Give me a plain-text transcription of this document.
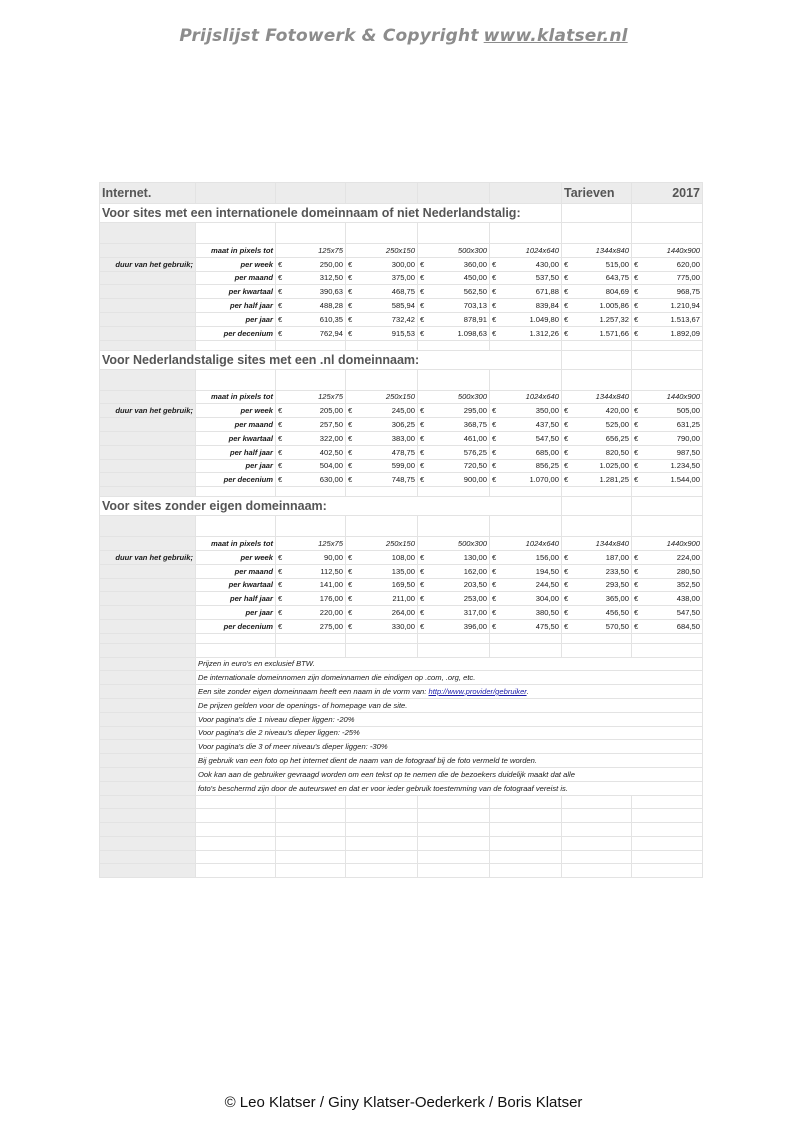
Prijslijst Fotowerk & Copyright www.klatser.nl
Internet.						Tarieven	2017
Voor sites met een internationele domeinnaam of niet Nederlandstalig:							

	maat in pixels tot	125x75	250x150	500x300	1024x640	1344x840	1440x900
duur van het gebruik;	per week	€ 250,00	€ 300,00	€ 360,00	€ 430,00	€ 515,00	€ 620,00

	per maand	€ 312,50	€ 375,00	€ 450,00	€ 537,50	€ 643,75	€ 775,00

	per kwartaal	€ 390,63	€ 468,75	€ 562,50	€ 671,88	€ 804,69	€ 968,75

	per half jaar	€ 488,28	€ 585,94	€ 703,13	€ 839,84	€ 1.005,86	€ 1.210,94

	per jaar	€ 610,35	€ 732,42	€ 878,91	€ 1.049,80	€ 1.257,32	€ 1.513,67

	per decenium	€ 762,94	€ 915,53	€ 1.098,63	€ 1.312,26	€ 1.571,66	€ 1.892,09

Voor Nederlandstalige sites met een .nl domeinnaam:							

	maat in pixels tot	125x75	250x150	500x300	1024x640	1344x840	1440x900
duur van het gebruik;	per week	€ 205,00	€ 245,00	€ 295,00	€ 350,00	€ 420,00	€ 505,00

	per maand	€ 257,50	€ 306,25	€ 368,75	€ 437,50	€ 525,00	€ 631,25

	per kwartaal	€ 322,00	€ 383,00	€ 461,00	€ 547,50	€ 656,25	€ 790,00

	per half jaar	€ 402,50	€ 478,75	€ 576,25	€ 685,00	€ 820,50	€ 987,50

	per jaar	€ 504,00	€ 599,00	€ 720,50	€ 856,25	€ 1.025,00	€ 1.234,50

	per decenium	€ 630,00	€ 748,75	€ 900,00	€ 1.070,00	€ 1.281,25	€ 1.544,00

Voor sites zonder eigen domeinnaam:							

	maat in pixels tot	125x75	250x150	500x300	1024x640	1344x840	1440x900
duur van het gebruik;	per week	€ 90,00	€ 108,00	€ 130,00	€ 156,00	€ 187,00	€ 224,00

	per maand	€ 112,50	€ 135,00	€ 162,00	€ 194,50	€ 233,50	€ 280,50

	per kwartaal	€ 141,00	€ 169,50	€ 203,50	€ 244,50	€ 293,50	€ 352,50

	per half jaar	€ 176,00	€ 211,00	€ 253,00	€ 304,00	€ 365,00	€ 438,00

	per jaar	€ 220,00	€ 264,00	€ 317,00	€ 380,50	€ 456,50	€ 547,50

	per decenium	€ 275,00	€ 330,00	€ 396,00	€ 475,50	€ 570,50	€ 684,50

	Prijzen in euro's en exclusief BTW.						
	De internationale domeinnomen zijn domeinnamen die eindigen op .com, .org, etc.						
	Een site zonder eigen domeinnaam heeft een naam in de vorm van: http://www.provider/gebruiker.						
	De prijzen gelden voor de openings- of homepage van de site.						
	Voor pagina's die 1 niveau dieper liggen: -20%						
	Voor pagina's die 2 niveau's dieper liggen: -25%						
	Voor pagina's die 3 of meer niveau's dieper liggen: -30%						
	Bij gebruik van een foto op het internet dient de naam van de fotograaf bij de foto vermeld te worden.						
	Ook kan aan de gebruiker gevraagd worden om een tekst op te nemen die de bezoekers duidelijk maakt dat alle						
	foto's beschermd zijn door de auteurswet en dat er voor ieder gebruik toestemming van de fotograaf vereist is.						

© Leo Klatser / Giny Klatser-Oederkerk / Boris Klatser
